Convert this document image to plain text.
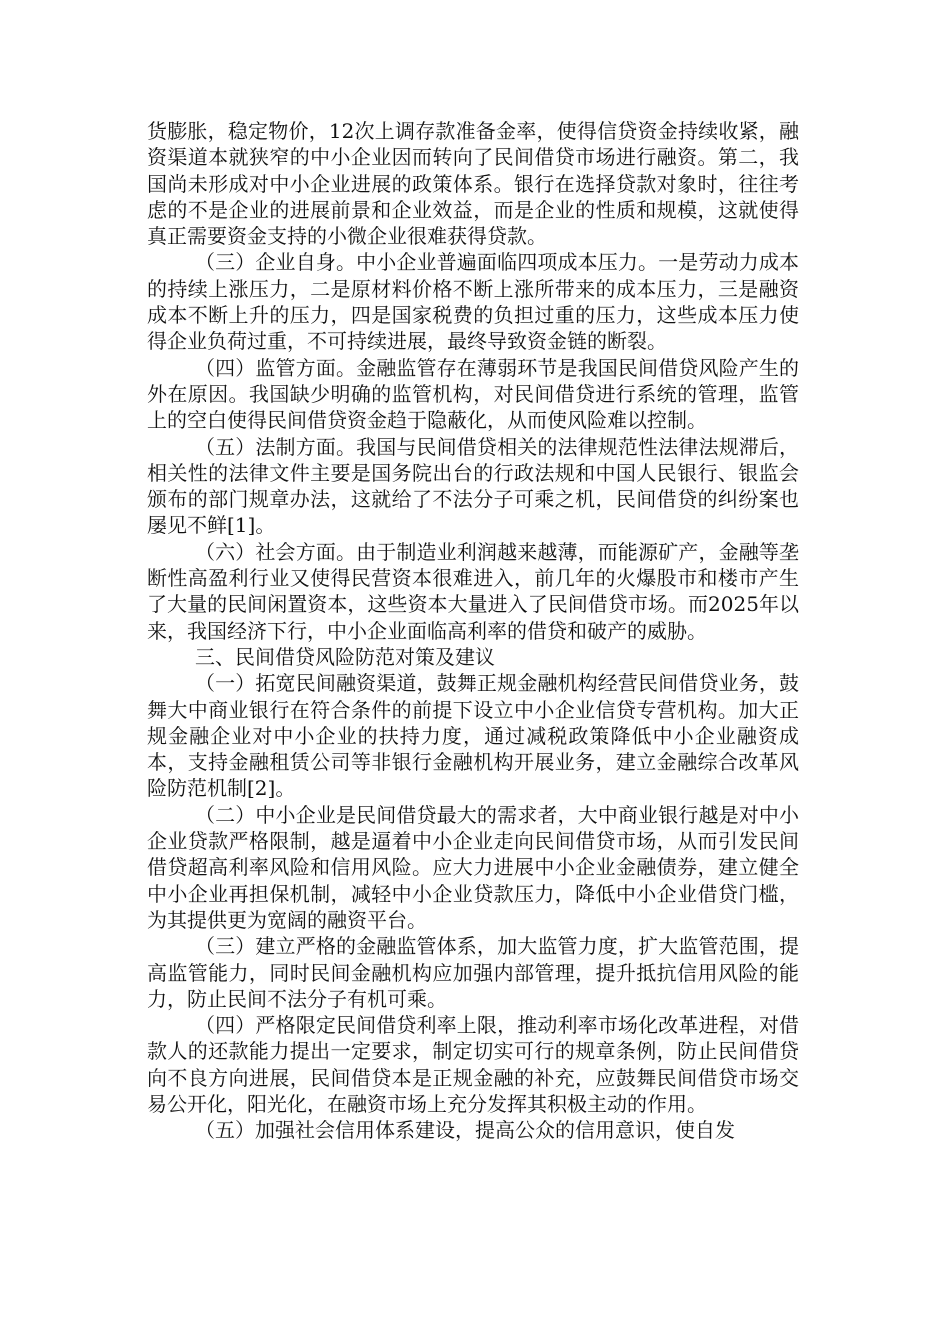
货膨胀，稳定物价，12次上调存款准备金率，使得信贷资金持续收紧，融资渠道本就狭窄的中小企业因而转向了民间借贷市场进行融资。第二，我国尚未形成对中小企业进展的政策体系。银行在选择贷款对象时，往往考虑的不是企业的进展前景和企业效益，而是企业的性质和规模，这就使得真正需要资金支持的小微企业很难获得贷款。

（三）企业自身。中小企业普遍面临四项成本压力。一是劳动力成本的持续上涨压力，二是原材料价格不断上涨所带来的成本压力，三是融资成本不断上升的压力，四是国家税费的负担过重的压力，这些成本压力使得企业负荷过重，不可持续进展，最终导致资金链的断裂。

（四）监管方面。金融监管存在薄弱环节是我国民间借贷风险产生的外在原因。我国缺少明确的监管机构，对民间借贷进行系统的管理，监管上的空白使得民间借贷资金趋于隐蔽化，从而使风险难以控制。

（五）法制方面。我国与民间借贷相关的法律规范性法律法规滞后，相关性的法律文件主要是国务院出台的行政法规和中国人民银行、银监会颁布的部门规章办法，这就给了不法分子可乘之机，民间借贷的纠纷案也屡见不鲜[1]。

（六）社会方面。由于制造业利润越来越薄，而能源矿产，金融等垄断性高盈利行业又使得民营资本很难进入，前几年的火爆股市和楼市产生了大量的民间闲置资本，这些资本大量进入了民间借贷市场。而2025年以来，我国经济下行，中小企业面临高利率的借贷和破产的威胁。

三、民间借贷风险防范对策及建议

（一）拓宽民间融资渠道，鼓舞正规金融机构经营民间借贷业务，鼓舞大中商业银行在符合条件的前提下设立中小企业信贷专营机构。加大正规金融企业对中小企业的扶持力度，通过减税政策降低中小企业融资成本，支持金融租赁公司等非银行金融机构开展业务，建立金融综合改革风险防范机制[2]。

（二）中小企业是民间借贷最大的需求者，大中商业银行越是对中小企业贷款严格限制，越是逼着中小企业走向民间借贷市场，从而引发民间借贷超高利率风险和信用风险。应大力进展中小企业金融债券，建立健全中小企业再担保机制，减轻中小企业贷款压力，降低中小企业借贷门槛，为其提供更为宽阔的融资平台。

（三）建立严格的金融监管体系，加大监管力度，扩大监管范围，提高监管能力，同时民间金融机构应加强内部管理，提升抵抗信用风险的能力，防止民间不法分子有机可乘。

（四）严格限定民间借贷利率上限，推动利率市场化改革进程，对借款人的还款能力提出一定要求，制定切实可行的规章条例，防止民间借贷向不良方向进展，民间借贷本是正规金融的补充，应鼓舞民间借贷市场交易公开化，阳光化，在融资市场上充分发挥其积极主动的作用。

（五）加强社会信用体系建设，提高公众的信用意识，使自发
